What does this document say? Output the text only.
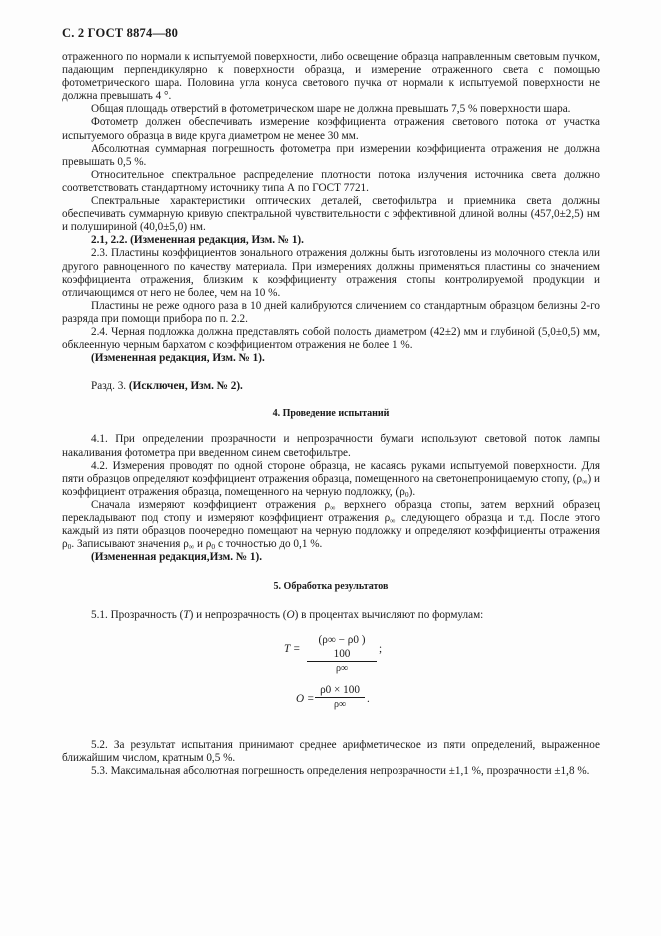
С. 2 ГОСТ 8874—80

отраженного по нормали к испытуемой поверхности, либо освещение образца направленным световым пучком, падающим перпендикулярно к поверхности образца, и измерение отраженного света с помощью фотометрического шара. Половина угла конуса светового пучка от нормали к испытуемой поверхности не должна превышать 4 °.

Общая площадь отверстий в фотометрическом шаре не должна превышать 7,5 % поверхности шара.

Фотометр должен обеспечивать измерение коэффициента отражения светового потока от участка испытуемого образца в виде круга диаметром не менее 30 мм.

Абсолютная суммарная погрешность фотометра при измерении коэффициента отражения не должна превышать 0,5 %.

Относительное спектральное распределение плотности потока излучения источника света должно соответствовать стандартному источнику типа А по ГОСТ 7721.

Спектральные характеристики оптических деталей, светофильтра и приемника света должны обеспечивать суммарную кривую спектральной чувствительности с эффективной длиной волны (457,0±2,5) нм и полушириной (40,0±5,0) нм.

2.1, 2.2. (Измененная редакция, Изм. № 1).

2.3. Пластины коэффициентов зонального отражения должны быть изготовлены из молочного стекла или другого равноценного по качеству материала. При измерениях должны применяться пластины со значением коэффициента отражения, близким к коэффициенту отражения стопы контролируемой продукции и отличающимся от него не более, чем на 10 %.

Пластины не реже одного раза в 10 дней калибруются сличением со стандартным образцом белизны 2-го разряда при помощи прибора по п. 2.2.

2.4. Черная подложка должна представлять собой полость диаметром (42±2) мм и глубиной (5,0±0,5) мм, обклеенную черным бархатом с коэффициентом отражения не более 1 %.

(Измененная редакция, Изм. № 1).

Разд. 3. (Исключен, Изм. № 2).

4. Проведение испытаний

4.1. При определении прозрачности и непрозрачности бумаги используют световой поток лампы накаливания фотометра при введенном синем светофильтре.

4.2. Измерения проводят по одной стороне образца, не касаясь руками испытуемой поверхности. Для пяти образцов определяют коэффициент отражения образца, помещенного на светонепроницаемую стопу, $(\rho_\infty)$ и коэффициент отражения образца, помещенного на черную подложку, $(\rho_0)$.

Сначала измеряют коэффициент отражения $\rho_\infty$ верхнего образца стопы, затем верхний образец перекладывают под стопу и измеряют коэффициент отражения $\rho_\infty$ следующего образца и т.д. После этого каждый из пяти образцов поочередно помещают на черную подложку и определяют коэффициенты отражения $\rho_0$. Записывают значения $\rho_\infty$ и $\rho_0$ с точностью до 0,1 %.

(Измененная редакция,Изм. № 1).

5. Обработка результатов

5.1. Прозрачность (T) и непрозрачность (O) в процентах вычисляют по формулам:

$T = \frac{(\rho\infty - \rho 0 ) 100}{\rho\infty}$ ;
$O = \frac{\rho 0 \times 100}{\rho\infty}$ .

5.2. За результат испытания принимают среднее арифметическое из пяти определений, выраженное ближайшим числом, кратным 0,5 %.

5.3. Максимальная абсолютная погрешность определения непрозрачности ±1,1 %, прозрачности ±1,8 %.
